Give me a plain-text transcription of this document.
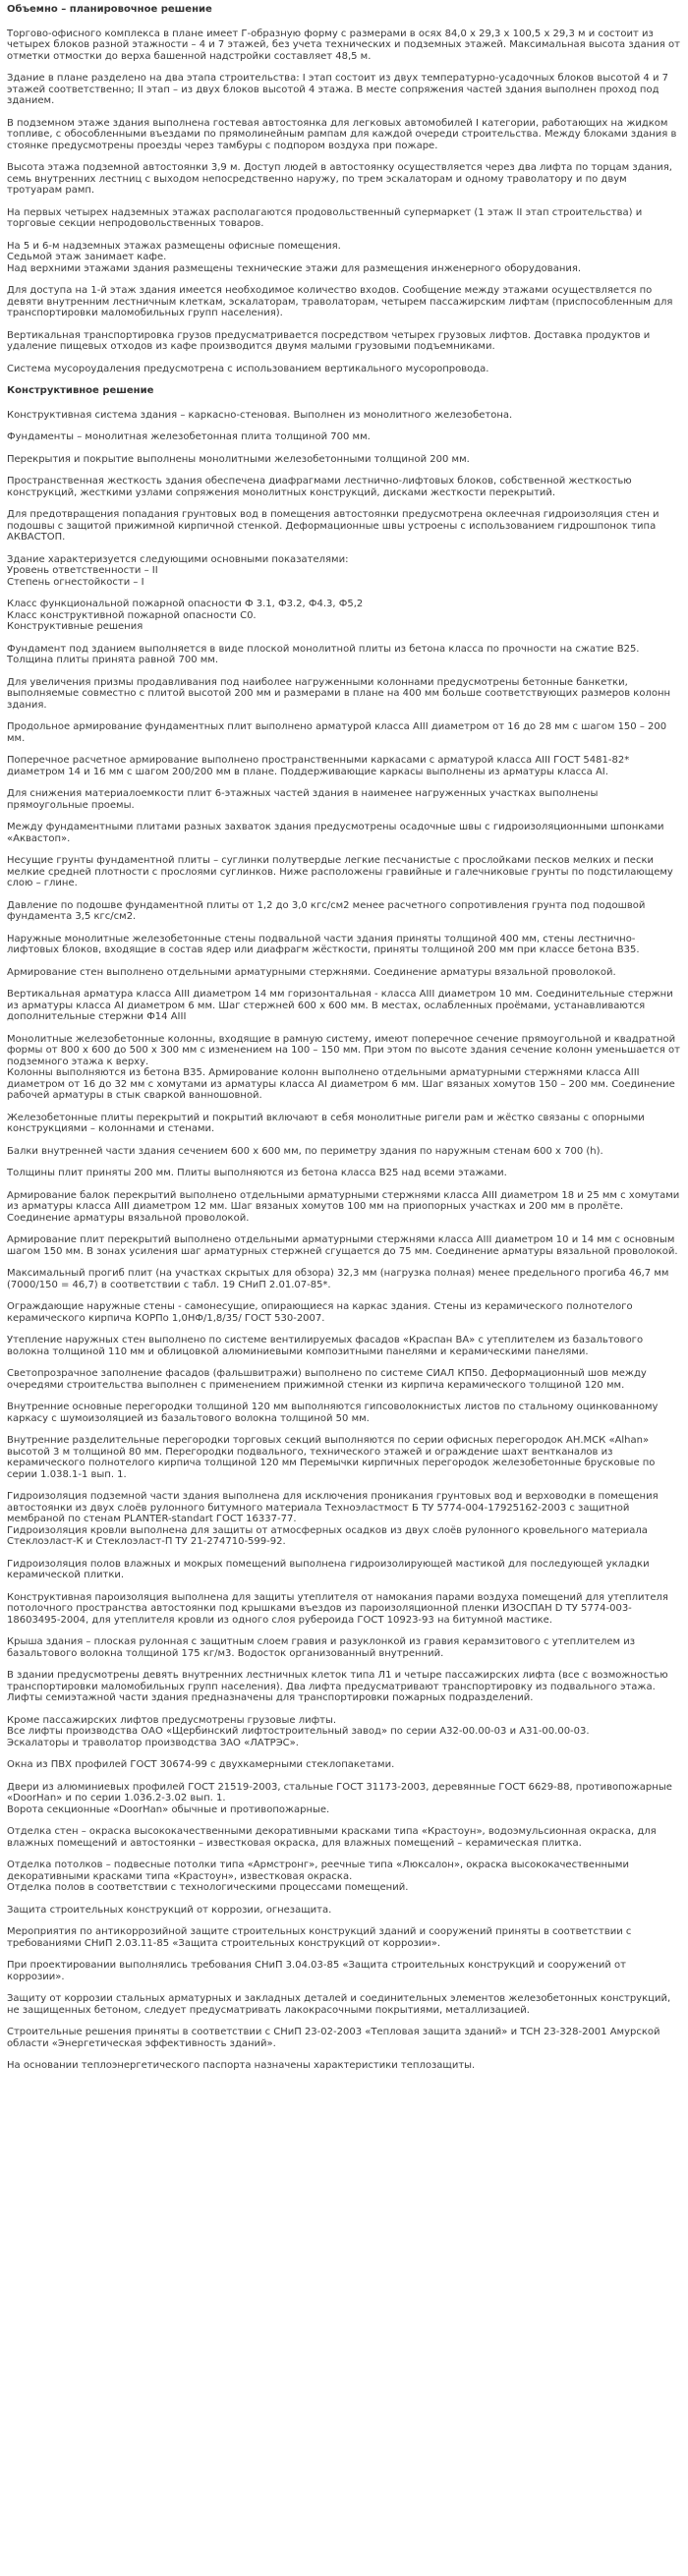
Объемно – планировочное решение
Торгово-офисного комплекса в плане имеет Г-образную форму с размерами в осях 84,0 х 29,3 х 100,5 х 29,3 м и состоит из четырех блоков разной этажности – 4 и 7 этажей, без учета технических и подземных этажей. Максимальная высота здания от отметки отмостки до верха башенной надстройки составляет 48,5 м.
Здание в плане разделено на два этапа строительства: I этап состоит из двух температурно-усадочных блоков высотой 4 и 7 этажей соответственно; II этап – из двух блоков высотой 4 этажа. В месте сопряжения частей здания выполнен проход под зданием.
В подземном этаже здания выполнена гостевая автостоянка для легковых автомобилей I категории, работающих на жидком топливе, с обособленными въездами по прямолинейным рампам для каждой очереди строительства. Между блоками здания в стоянке предусмотрены проезды через тамбуры с подпором воздуха при пожаре.
Высота этажа подземной автостоянки 3,9 м. Доступ людей в автостоянку осуществляется через два лифта по торцам здания, семь внутренних лестниц с выходом непосредственно наружу, по трем эскалаторам и одному траволатору и по двум тротуарам рамп.
На первых четырех надземных этажах располагаются продовольственный супермаркет (1 этаж II этап строительства) и торговые секции непродовольственных товаров.
На 5 и 6-м надземных этажах размещены офисные помещения.
Седьмой этаж занимает кафе.
Над верхними этажами здания размещены технические этажи для размещения инженерного оборудования.
Для доступа на 1-й этаж здания имеется необходимое количество входов. Сообщение между этажами осуществляется по девяти внутренним лестничным клеткам, эскалаторам, траволаторам, четырем пассажирским лифтам (приспособленным для транспортировки маломобильных групп населения).
Вертикальная транспортировка грузов предусматривается посредством четырех грузовых лифтов. Доставка продуктов и удаление пищевых отходов из кафе производится двумя малыми грузовыми подъемниками.
Система мусороудаления предусмотрена с использованием вертикального мусоропровода.
Конструктивное решение
Конструктивная система здания – каркасно-стеновая. Выполнен из монолитного железобетона.
Фундаменты – монолитная железобетонная плита толщиной 700 мм.
Перекрытия и покрытие выполнены монолитными железобетонными толщиной 200 мм.
Пространственная жесткость здания обеспечена диафрагмами лестнично-лифтовых блоков, собственной жесткостью конструкций, жесткими узлами сопряжения монолитных конструкций, дисками жесткости перекрытий.
Для предотвращения попадания грунтовых вод в помещения автостоянки предусмотрена оклеечная гидроизоляция стен и подошвы с защитой прижимной кирпичной стенкой. Деформационные швы устроены с использованием гидрошпонок типа АКВАСТОП.
Здание характеризуется следующими основными показателями:
Уровень ответственности – II
Степень огнестойкости – I
Класс функциональной пожарной опасности Ф 3.1, Ф3.2, Ф4.3, Ф5,2
Класс конструктивной пожарной опасности С0.
Конструктивные решения
Фундамент под зданием выполняется в виде плоской монолитной плиты из бетона класса по прочности на сжатие В25. Толщина плиты принята равной 700 мм.
Для увеличения призмы продавливания под наиболее нагруженными колоннами предусмотрены бетонные банкетки, выполняемые совместно с плитой высотой 200 мм и размерами в плане на 400 мм больше соответствующих размеров колонн здания.
Продольное армирование фундаментных плит выполнено арматурой класса АIII диаметром от 16 до 28 мм с шагом 150 – 200 мм.
Поперечное расчетное армирование выполнено пространственными каркасами с арматурой класса АIII ГОСТ 5481-82* диаметром 14 и 16 мм с шагом 200/200 мм в плане. Поддерживающие каркасы выполнены из арматуры класса АI.
Для снижения материалоемкости плит 6-этажных частей здания в наименее нагруженных участках выполнены прямоугольные проемы.
Между фундаментными плитами разных захваток здания предусмотрены осадочные швы с гидроизоляционными шпонками «Аквастоп».
Несущие грунты фундаментной плиты – суглинки полутвердые легкие песчанистые с прослойками песков мелких и пески мелкие средней плотности с прослоями суглинков. Ниже расположены гравийные и галечниковые грунты по подстилающему слою – глине.
Давление по подошве фундаментной плиты от 1,2 до 3,0 кгс/см2 менее расчетного сопротивления грунта под подошвой фундамента 3,5 кгс/см2.
Наружные монолитные железобетонные стены подвальной части здания приняты толщиной 400 мм, стены лестнично-лифтовых блоков, входящие в состав ядер или диафрагм жёсткости, приняты толщиной 200 мм при классе бетона В35.
Армирование стен выполнено отдельными арматурными стержнями. Соединение арматуры вязальной проволокой.
Вертикальная арматура класса АIII диаметром 14 мм горизонтальная - класса АIII диаметром 10 мм. Соединительные стержни из арматуры класса АI диаметром 6 мм. Шаг стержней 600 х 600 мм. В местах, ослабленных проёмами, устанавливаются дополнительные стержни Ф14 АIII
Монолитные железобетонные колонны, входящие в рамную систему, имеют поперечное сечение прямоугольной и квадратной формы от 800 х 600 до 500 х 300 мм с изменением на 100 – 150 мм. При этом по высоте здания сечение колонн уменьшается от подземного этажа к верху.
Колонны выполняются из бетона В35. Армирование колонн выполнено отдельными арматурными стержнями класса АIII диаметром от 16 до 32 мм с хомутами из арматуры класса АI диаметром 6 мм. Шаг вязаных хомутов 150 – 200 мм. Соединение рабочей арматуры в стык сваркой ванношовной.
Железобетонные плиты перекрытий и покрытий включают в себя монолитные ригели рам и жёстко связаны с опорными конструкциями – колоннами и стенами.
Балки внутренней части здания сечением 600 х 600 мм, по периметру здания по наружным стенам 600 х 700 (h).
Толщины плит приняты 200 мм. Плиты выполняются из бетона класса В25 над всеми этажами.
Армирование балок перекрытий выполнено отдельными арматурными стержнями класса АIII диаметром 18 и 25 мм с хомутами из арматуры класса АIII диаметром 12 мм. Шаг вязаных хомутов 100 мм на приопорных участках и 200 мм в пролёте. Соединение арматуры вязальной проволокой.
Армирование плит перекрытий выполнено отдельными арматурными стержнями класса АIII диаметром 10 и 14 мм с основным шагом 150 мм. В зонах усиления шаг арматурных стержней сгущается до 75 мм. Соединение арматуры вязальной проволокой.
Максимальный прогиб плит (на участках скрытых для обзора) 32,3 мм (нагрузка полная) менее предельного прогиба 46,7 мм (7000/150 = 46,7) в соответствии с табл. 19 СНиП 2.01.07-85*.
Ограждающие наружные стены - самонесущие, опирающиеся на каркас здания. Стены из керамического полнотелого керамического кирпича КОРПо 1,0НФ/1,8/35/ ГОСТ 530-2007.
Утепление наружных стен выполнено по системе вентилируемых фасадов «Краспан ВА» с утеплителем из базальтового волокна толщиной 110 мм и облицовкой алюминиевыми композитными панелями и керамическими панелями.
Светопрозрачное заполнение фасадов (фальшвитражи) выполнено по системе СИАЛ КП50. Деформационный шов между очередями строительства выполнен с применением прижимной стенки из кирпича керамического толщиной 120 мм.
Внутренние основные перегородки толщиной 120 мм выполняются гипсоволокнистых листов по стальному оцинкованному каркасу с шумоизоляцией из базальтового волокна толщиной 50 мм.
Внутренние разделительные перегородки торговых секций выполняются по серии офисных перегородок АН.МСК «Alhan» высотой 3 м толщиной 80 мм. Перегородки подвального, технического этажей и ограждение шахт вентканалов из керамического полнотелого кирпича толщиной 120 мм Перемычки кирпичных перегородок железобетонные брусковые по серии 1.038.1-1 вып. 1.
Гидроизоляция подземной части здания выполнена для исключения проникания грунтовых вод и верховодки в помещения автостоянки из двух слоёв рулонного битумного материала Техноэластмост Б ТУ 5774-004-17925162-2003 с защитной мембраной по стенам PLANTER-standart ГОСТ 16337-77.
Гидроизоляция кровли выполнена для защиты от атмосферных осадков из двух слоёв рулонного кровельного материала Стеклоэласт-К и Стеклоэласт-П ТУ 21-274710-599-92.
Гидроизоляция полов влажных и мокрых помещений выполнена гидроизолирующей мастикой для последующей укладки керамической плитки.
Конструктивная пароизоляция выполнена для защиты утеплителя от намокания парами воздуха помещений для утеплителя потолочного пространства автостоянки под крышками въездов из пароизоляционной пленки ИЗОСПАН D ТУ 5774-003-18603495-2004, для утеплителя кровли из одного слоя рубероида ГОСТ 10923-93 на битумной мастике.
Крыша здания – плоская рулонная с защитным слоем гравия и разуклонкой из гравия керамзитового с утеплителем из базальтового волокна толщиной 175 кг/м3. Водосток организованный внутренний.
В здании предусмотрены девять внутренних лестничных клеток типа Л1 и четыре пассажирских лифта (все с возможностью транспортировки маломобильных групп населения). Два лифта предусматривают транспортировку из подвального этажа. Лифты семиэтажной части здания предназначены для транспортировки пожарных подразделений.
Кроме пассажирских лифтов предусмотрены грузовые лифты.
Все лифты производства ОАО «Щербинский лифтостроительный завод» по серии А32-00.00-03 и А31-00.00-03.
Эскалаторы и траволатор производства ЗАО «ЛАТРЭС».
Окна из ПВХ профилей ГОСТ 30674-99 с двухкамерными стеклопакетами.
Двери из алюминиевых профилей ГОСТ 21519-2003, стальные ГОСТ 31173-2003, деревянные ГОСТ 6629-88, противопожарные «DoorHan» и по серии 1.036.2-3.02 вып. 1.
Ворота секционные «DoorHan» обычные и противопожарные.
Отделка стен – окраска высококачественными декоративными красками типа «Крастоун», водоэмульсионная окраска, для влажных помещений и автостоянки – известковая окраска, для влажных помещений – керамическая плитка.
Отделка потолков – подвесные потолки типа «Армстронг», реечные типа «Люксалон», окраска высококачественными декоративными красками типа «Крастоун», известковая окраска.
Отделка полов в соответствии с технологическими процессами помещений.
Защита строительных конструкций от коррозии, огнезащита.
Мероприятия по антикоррозийной защите строительных конструкций зданий и сооружений приняты в соответствии с требованиями СНиП 2.03.11-85 «Защита строительных конструкций от коррозии».
При проектировании выполнялись требования СНиП 3.04.03-85 «Защита строительных конструкций и сооружений от коррозии».
Защиту от коррозии стальных арматурных и закладных деталей и соединительных элементов железобетонных конструкций, не защищенных бетоном, следует предусматривать лакокрасочными покрытиями, металлизацией.
Строительные решения приняты в соответствии с СНиП 23-02-2003 «Тепловая защита зданий» и ТСН 23-328-2001 Амурской области «Энергетическая эффективность зданий».
На основании теплоэнергетического паспорта назначены характеристики теплозащиты.
